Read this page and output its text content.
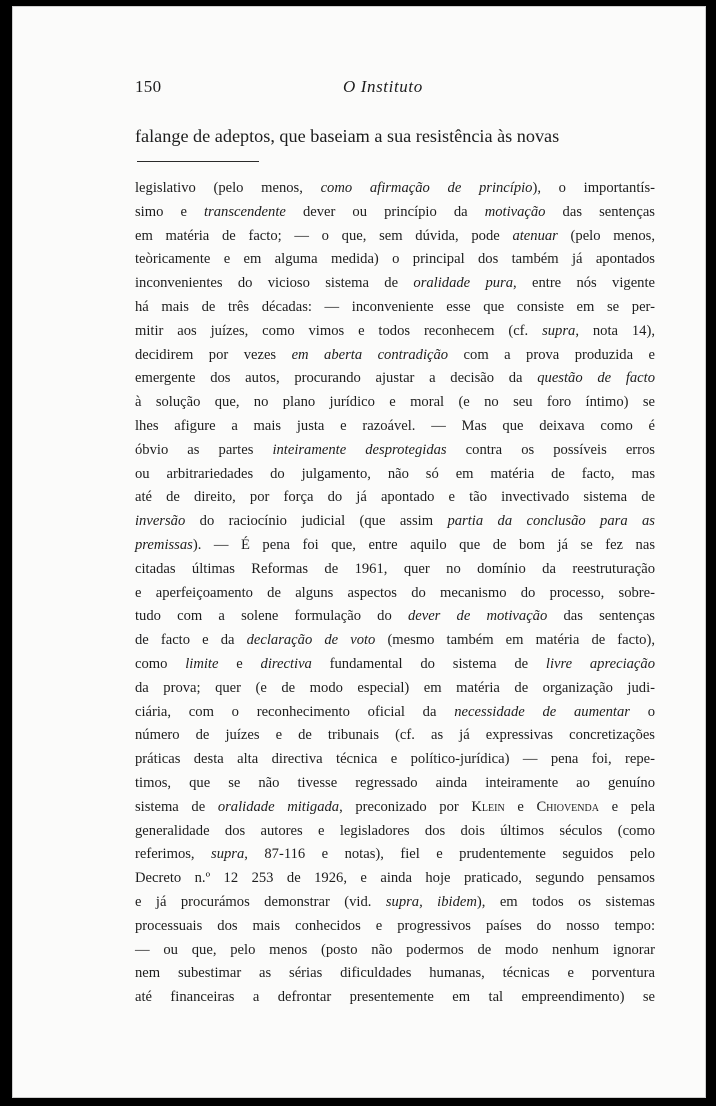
150	O Instituto
falange de adeptos, que baseiam a sua resistência às novas
legislativo (pelo menos, como afirmação de princípio), o importantís-
simo e transcendente dever ou princípio da motivação das sentenças
em matéria de facto; — o que, sem dúvida, pode atenuar (pelo menos,
teòricamente e em alguma medida) o principal dos também já apontados
inconvenientes do vicioso sistema de oralidade pura, entre nós vigente
há mais de três décadas: — inconveniente esse que consiste em se per-
mitir aos juízes, como vimos e todos reconhecem (cf. supra, nota 14),
decidirem por vezes em aberta contradição com a prova produzida e
emergente dos autos, procurando ajustar a decisão da questão de facto
à solução que, no plano jurídico e moral (e no seu foro íntimo) se
lhes afigure a mais justa e razoável. — Mas que deixava como é
óbvio as partes inteiramente desprotegidas contra os possíveis erros
ou arbitrariedades do julgamento, não só em matéria de facto, mas
até de direito, por força do já apontado e tão invectivado sistema de
inversão do raciocínio judicial (que assim partia da conclusão para as
premissas). — É pena foi que, entre aquilo que de bom já se fez nas
citadas últimas Reformas de 1961, quer no domínio da reestruturação
e aperfeiçoamento de alguns aspectos do mecanismo do processo, sobre-
tudo com a solene formulação do dever de motivação das sentenças
de facto e da declaração de voto (mesmo também em matéria de facto),
como limite e directiva fundamental do sistema de livre apreciação
da prova; quer (e de modo especial) em matéria de organização judi-
ciária, com o reconhecimento oficial da necessidade de aumentar o
número de juízes e de tribunais (cf. as já expressivas concretizações
práticas desta alta directiva técnica e político-jurídica) — pena foi, repe-
timos, que se não tivesse regressado ainda inteiramente ao genuíno
sistema de oralidade mitigada, preconizado por Klein e Chiovenda e pela
generalidade dos autores e legisladores dos dois últimos séculos (como
referimos, supra, 87-116 e notas), fiel e prudentemente seguidos pelo
Decreto n.º 12 253 de 1926, e ainda hoje praticado, segundo pensamos
e já procurámos demonstrar (vid. supra, ibidem), em todos os sistemas
processuais dos mais conhecidos e progressivos países do nosso tempo:
— ou que, pelo menos (posto não podermos de modo nenhum ignorar
nem subestimar as sérias dificuldades humanas, técnicas e porventura
até financeiras a defrontar presentemente em tal empreendimento) se
